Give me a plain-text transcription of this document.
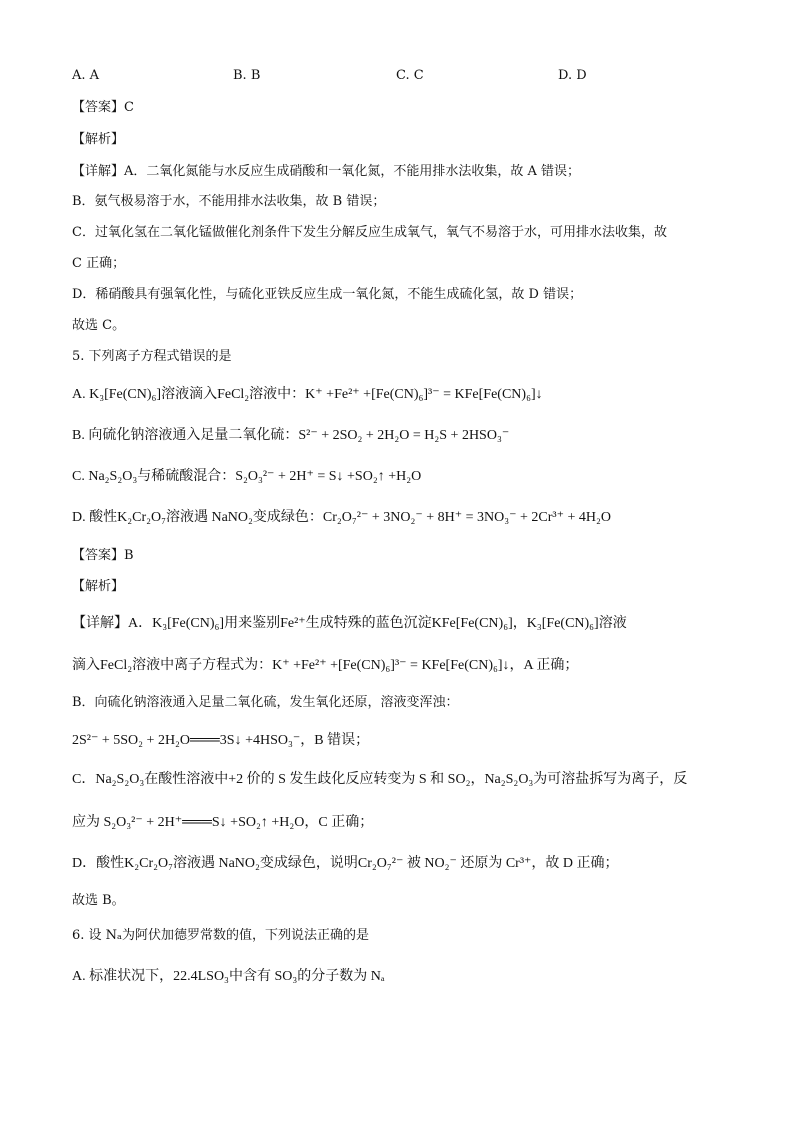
A. A	B. B	C. C	D. D
【答案】C
【解析】
【详解】A．二氧化氮能与水反应生成硝酸和一氧化氮，不能用排水法收集，故 A 错误；
B．氨气极易溶于水，不能用排水法收集，故 B 错误；
C．过氧化氢在二氧化锰做催化剂条件下发生分解反应生成氧气，氧气不易溶于水，可用排水法收集，故
C 正确；
D．稀硝酸具有强氧化性，与硫化亚铁反应生成一氧化氮，不能生成硫化氢，故 D 错误；
故选 C。
5. 下列离子方程式错误的是
A. K₃[Fe(CN)₆]溶液滴入FeCl₂溶液中：K⁺ +Fe²⁺ +[Fe(CN)₆]³⁻ = KFe[Fe(CN)₆]↓
B. 向硫化钠溶液通入足量二氧化硫：S²⁻ + 2SO₂ + 2H₂O = H₂S + 2HSO₃⁻
C. Na₂S₂O₃与稀硫酸混合：S₂O₃²⁻ + 2H⁺ = S↓ +SO₂↑ +H₂O
D. 酸性K₂Cr₂O₇溶液遇 NaNO₂变成绿色：Cr₂O₇²⁻ + 3NO₂⁻ + 8H⁺ = 3NO₃⁻ + 2Cr³⁺ + 4H₂O
【答案】B
【解析】
【详解】A．K₃[Fe(CN)₆]用来鉴别Fe²⁺生成特殊的蓝色沉淀KFe[Fe(CN)₆]，K₃[Fe(CN)₆]溶液
滴入FeCl₂溶液中离子方程式为：K⁺ +Fe²⁺ +[Fe(CN)₆]³⁻ = KFe[Fe(CN)₆]↓，A 正确；
B．向硫化钠溶液通入足量二氧化硫，发生氧化还原，溶液变浑浊：
2S²⁻ + 5SO₂ + 2H₂O═══3S↓ +4HSO₃⁻，B 错误；
C．Na₂S₂O₃在酸性溶液中+2 价的 S 发生歧化反应转变为 S 和 SO₂，Na₂S₂O₃为可溶盐拆写为离子，反
应为 S₂O₃²⁻ + 2H⁺═══S↓ +SO₂↑ +H₂O，C 正确；
D．酸性K₂Cr₂O₇溶液遇 NaNO₂变成绿色，说明Cr₂O₇²⁻ 被 NO₂⁻ 还原为 Cr³⁺，故 D 正确；
故选 B。
6. 设 Nₐ为阿伏加德罗常数的值，下列说法正确的是
A. 标准状况下，22.4LSO₃中含有 SO₃的分子数为 Nₐ
